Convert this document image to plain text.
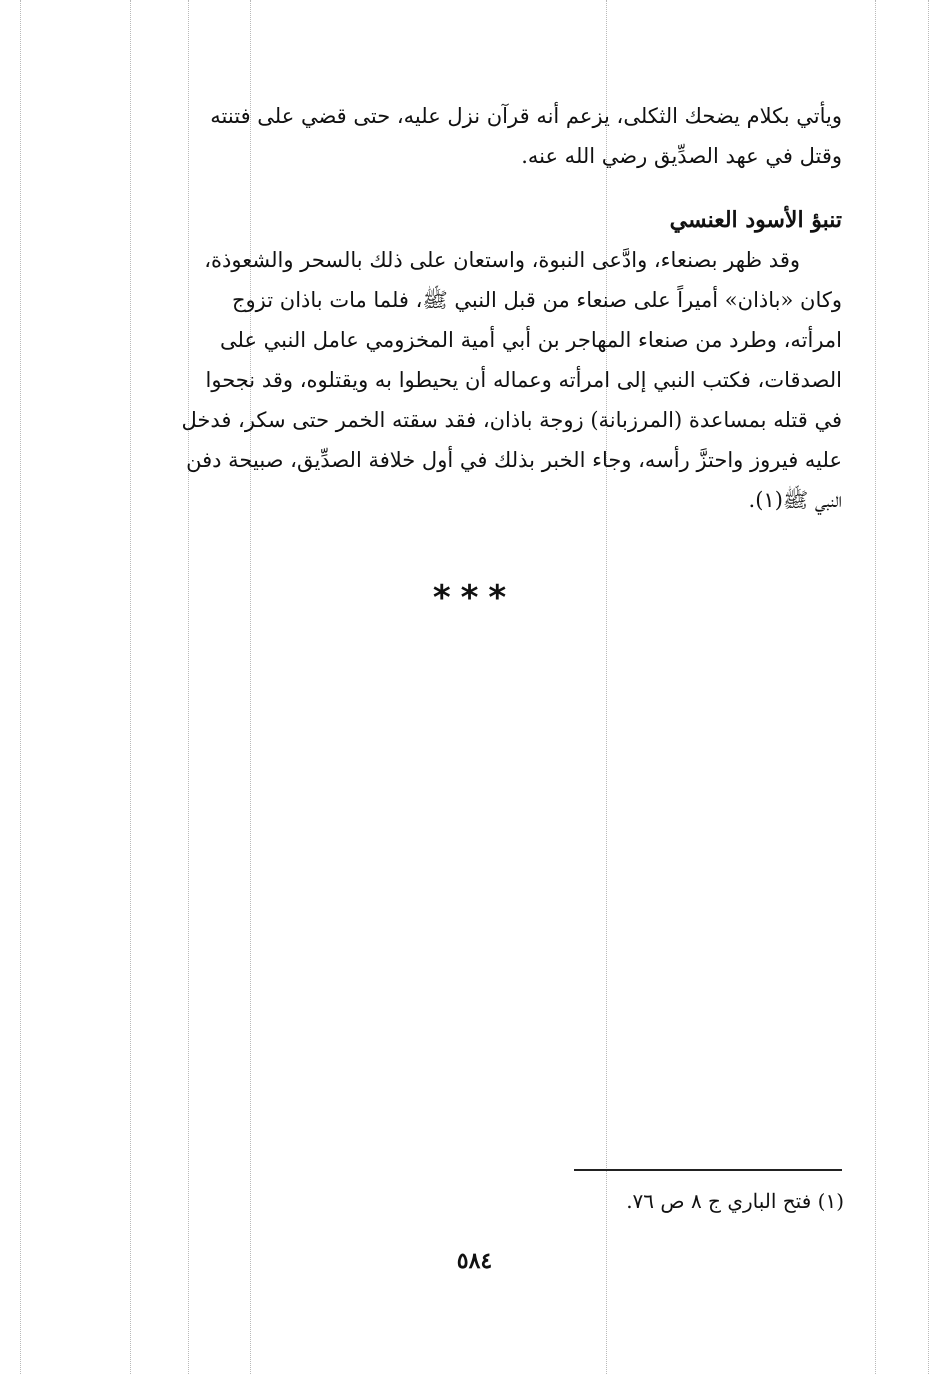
ويأتي بكلام يضحك الثكلى، يزعم أنه قرآن نزل عليه، حتى قضي على فتنته
وقتل في عهد الصدِّيق رضي الله عنه.
تنبؤ الأسود العنسي
وقد ظهر بصنعاء، وادَّعى النبوة، واستعان على ذلك بالسحر والشعوذة،
وكان «باذان» أميراً على صنعاء من قبل النبي ﷺ، فلما مات باذان تزوج
امرأته، وطرد من صنعاء المهاجر بن أبي أمية المخزومي عامل النبي على
الصدقات، فكتب النبي إلى امرأته وعماله أن يحيطوا به ويقتلوه، وقد نجحوا
في قتله بمساعدة (المرزبانة) زوجة باذان، فقد سقته الخمر حتى سكر، فدخل
عليه فيروز واحتزَّ رأسه، وجاء الخبر بذلك في أول خلافة الصدِّيق، صبيحة دفن
النبي ﷺ(١).
***
(١) فتح الباري ج ٨ ص ٧٦.
٥٨٤
